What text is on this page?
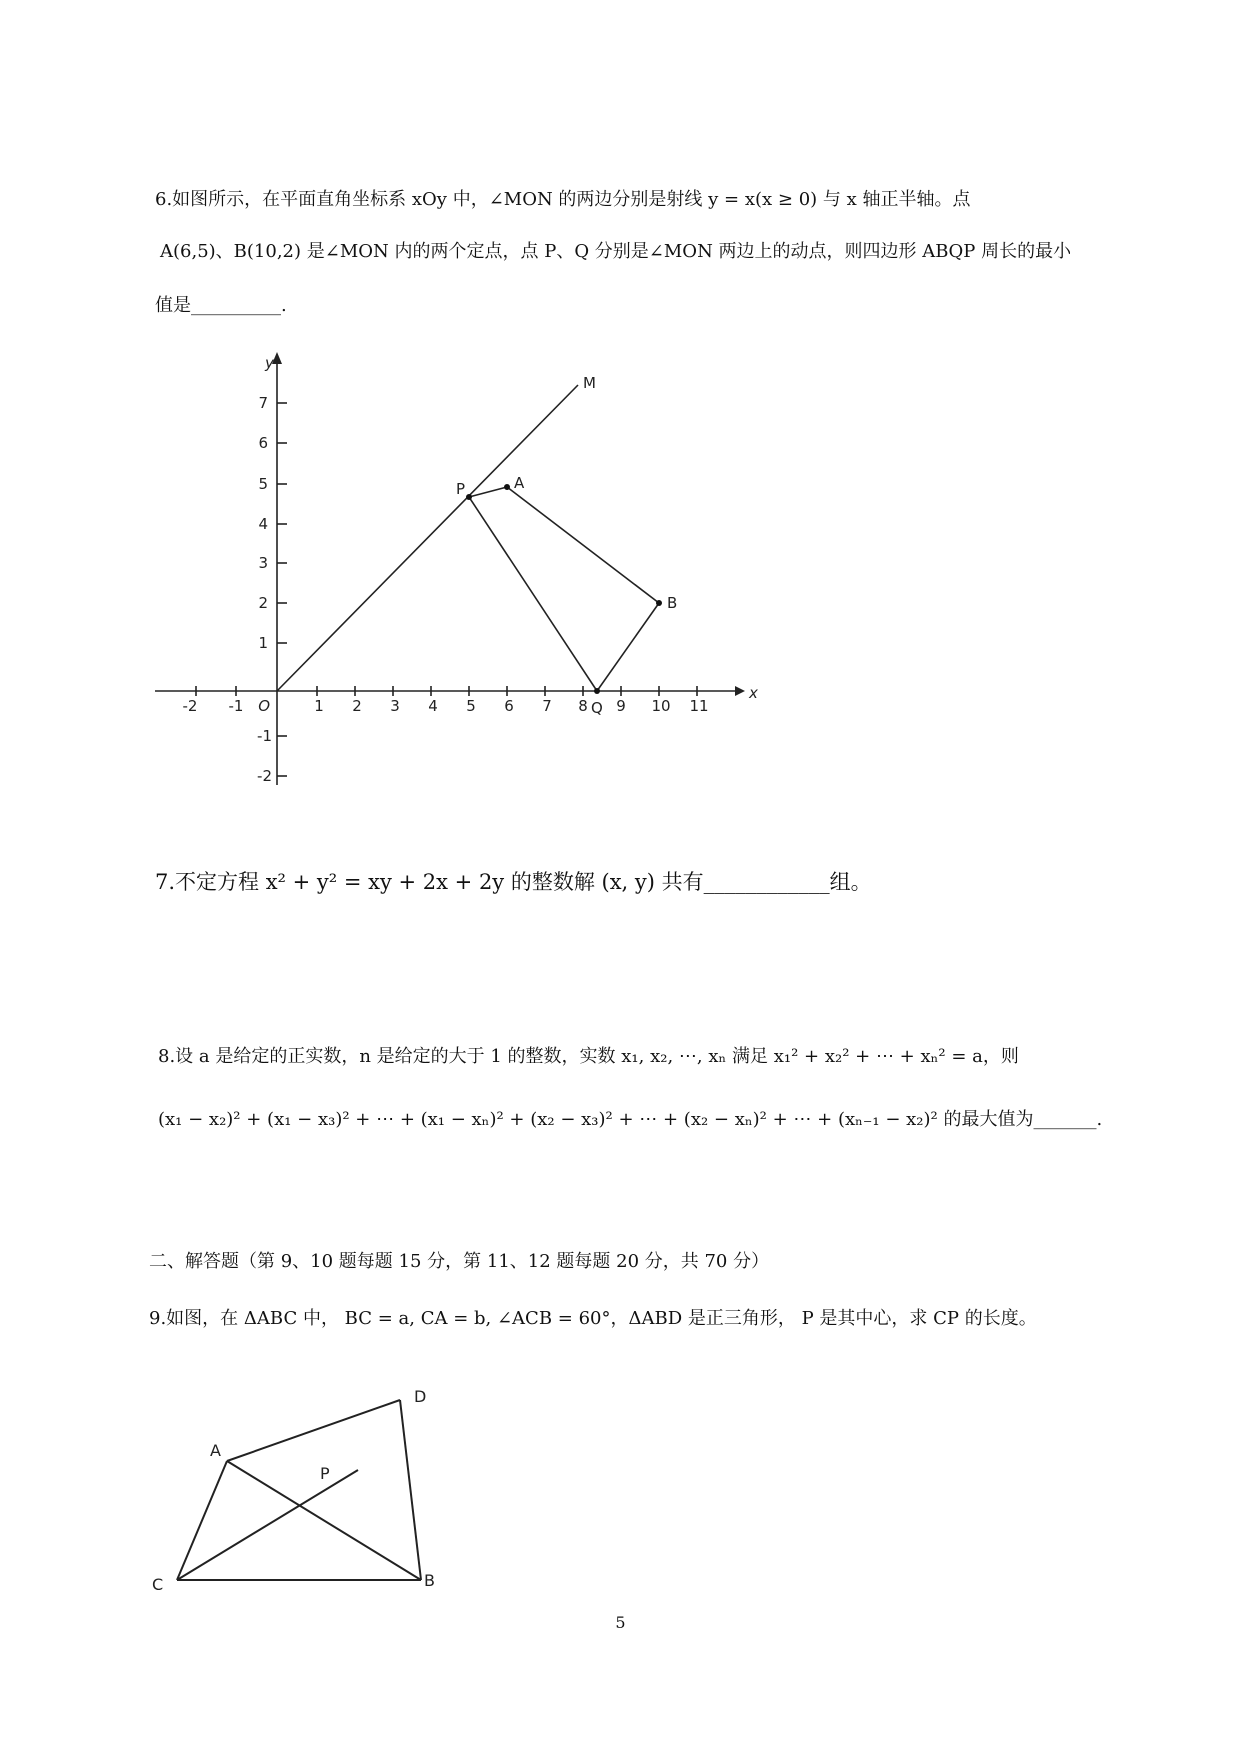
6.如图所示，在平面直角坐标系 xOy 中，∠MON 的两边分别是射线 y = x(x ≥ 0) 与 x 轴正半轴。点
A(6,5)、B(10,2) 是∠MON 内的两个定点，点 P、Q 分别是∠MON 两边上的动点，则四边形 ABQP 周长的最小
值是__________.
-2 -1	1 2 3 4 5 6 7 8 9 10 11
7
6
5
4
3
2
1
-1
-2
O
x
y
M
P	A
B
Q
7.不定方程 x² + y² = xy + 2x + 2y 的整数解 (x, y) 共有____________组。
8.设 a 是给定的正实数，n 是给定的大于 1 的整数，实数 x₁, x₂, ⋯, xₙ 满足 x₁² + x₂² + ⋯ + xₙ² = a，则
(x₁ − x₂)² + (x₁ − x₃)² + ⋯ + (x₁ − xₙ)² + (x₂ − x₃)² + ⋯ + (x₂ − xₙ)² + ⋯ + (xₙ₋₁ − x₂)² 的最大值为_______.
二、解答题（第 9、10 题每题 15 分，第 11、12 题每题 20 分，共 70 分）
9.如图，在 ΔABC 中， BC = a, CA = b, ∠ACB = 60°，ΔABD 是正三角形， P 是其中心，求 CP 的长度。
A
B
C
D
P
5
